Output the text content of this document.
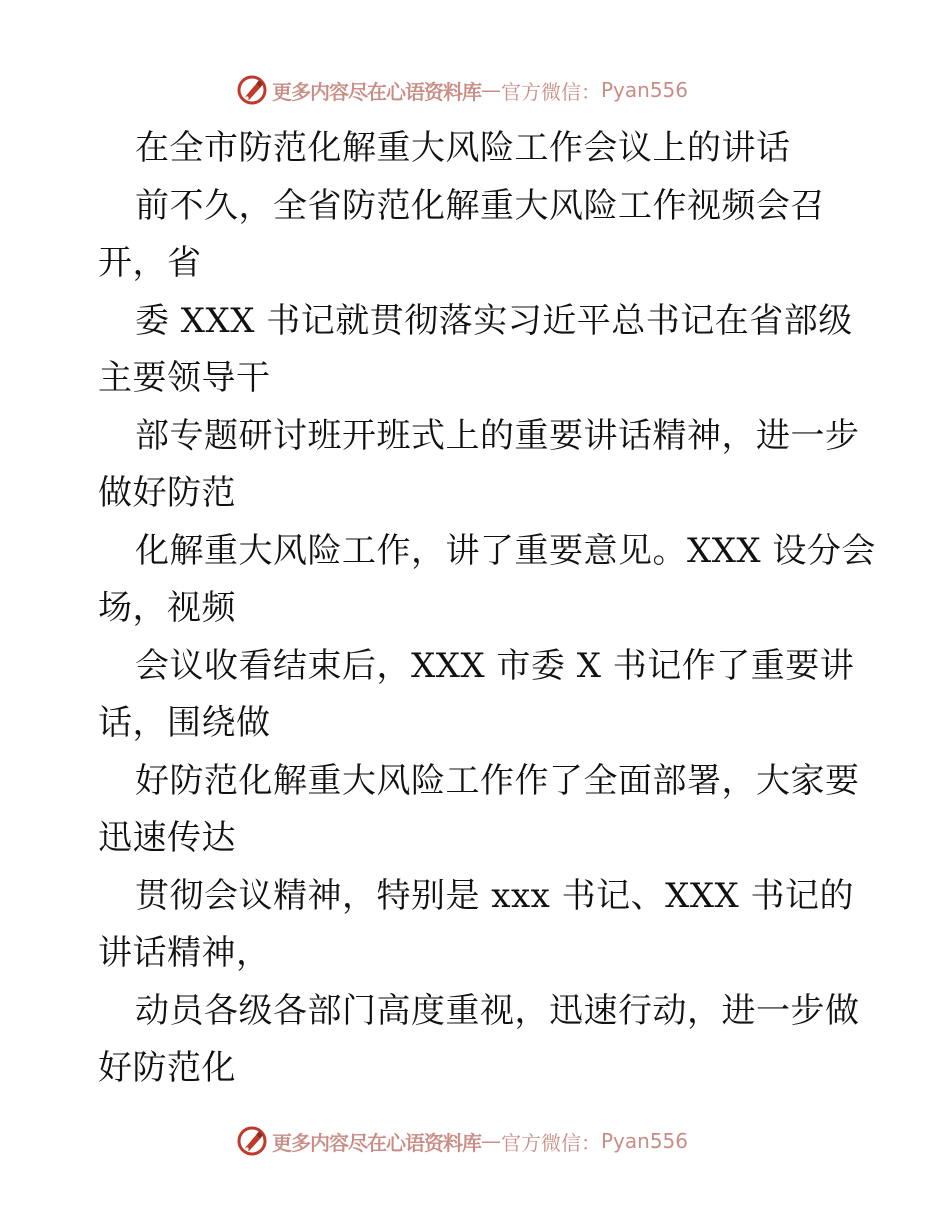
更多内容尽在心语资料库 — 官方微信： Pyan556
在全市防范化解重大风险工作会议上的讲话
前不久，全省防范化解重大风险工作视频会召
开，省
委 XXX 书记就贯彻落实习近平总书记在省部级
主要领导干
部专题研讨班开班式上的重要讲话精神，进一步
做好防范
化解重大风险工作，讲了重要意见。XXX 设分会
场，视频
会议收看结束后，XXX 市委 X 书记作了重要讲
话，围绕做
好防范化解重大风险工作作了全面部署，大家要
迅速传达
贯彻会议精神，特别是 xxx 书记、XXX 书记的
讲话精神，
动员各级各部门高度重视，迅速行动，进一步做
好防范化
更多内容尽在心语资料库 — 官方微信： Pyan556
